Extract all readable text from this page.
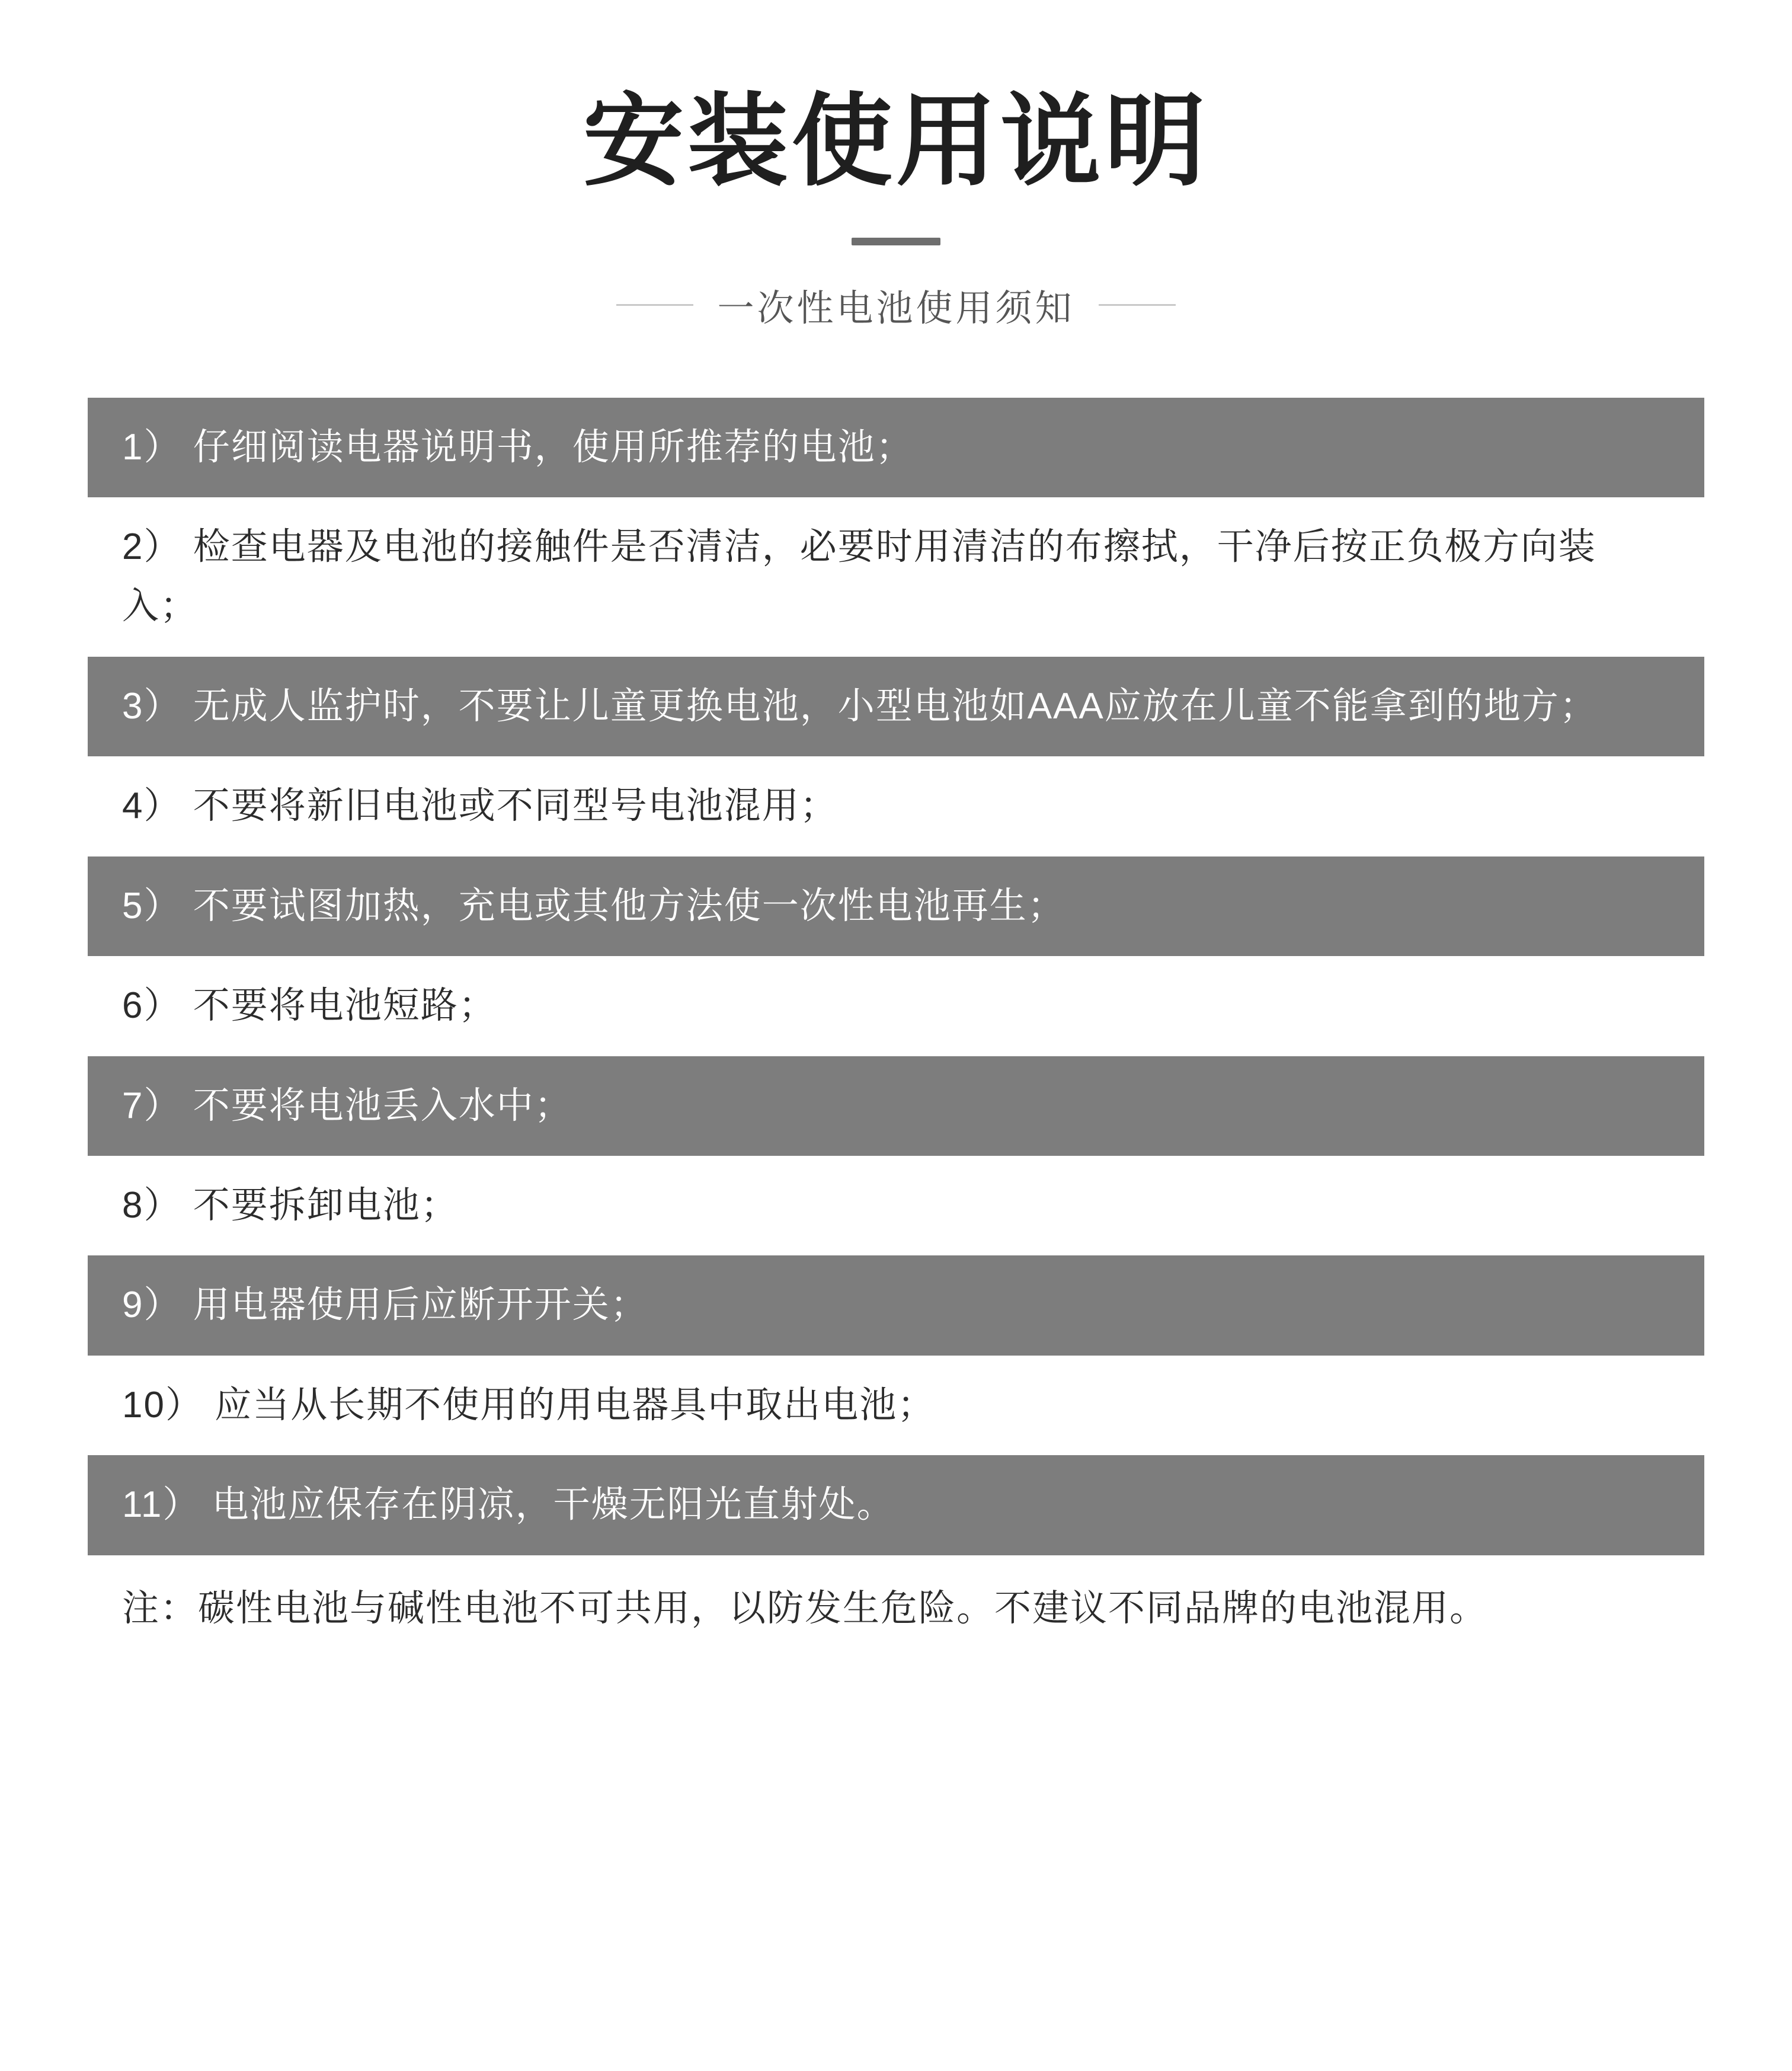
安装使用说明
一次性电池使用须知
1） 仔细阅读电器说明书，使用所推荐的电池；
2） 检查电器及电池的接触件是否清洁，必要时用清洁的布擦拭，干净后按正负极方向装入；
3） 无成人监护时，不要让儿童更换电池，小型电池如AAA应放在儿童不能拿到的地方；
4） 不要将新旧电池或不同型号电池混用；
5） 不要试图加热，充电或其他方法使一次性电池再生；
6） 不要将电池短路；
7） 不要将电池丢入水中；
8） 不要拆卸电池；
9） 用电器使用后应断开开关；
10） 应当从长期不使用的用电器具中取出电池；
11） 电池应保存在阴凉，干燥无阳光直射处。
注：碳性电池与碱性电池不可共用，以防发生危险。不建议不同品牌的电池混用。
